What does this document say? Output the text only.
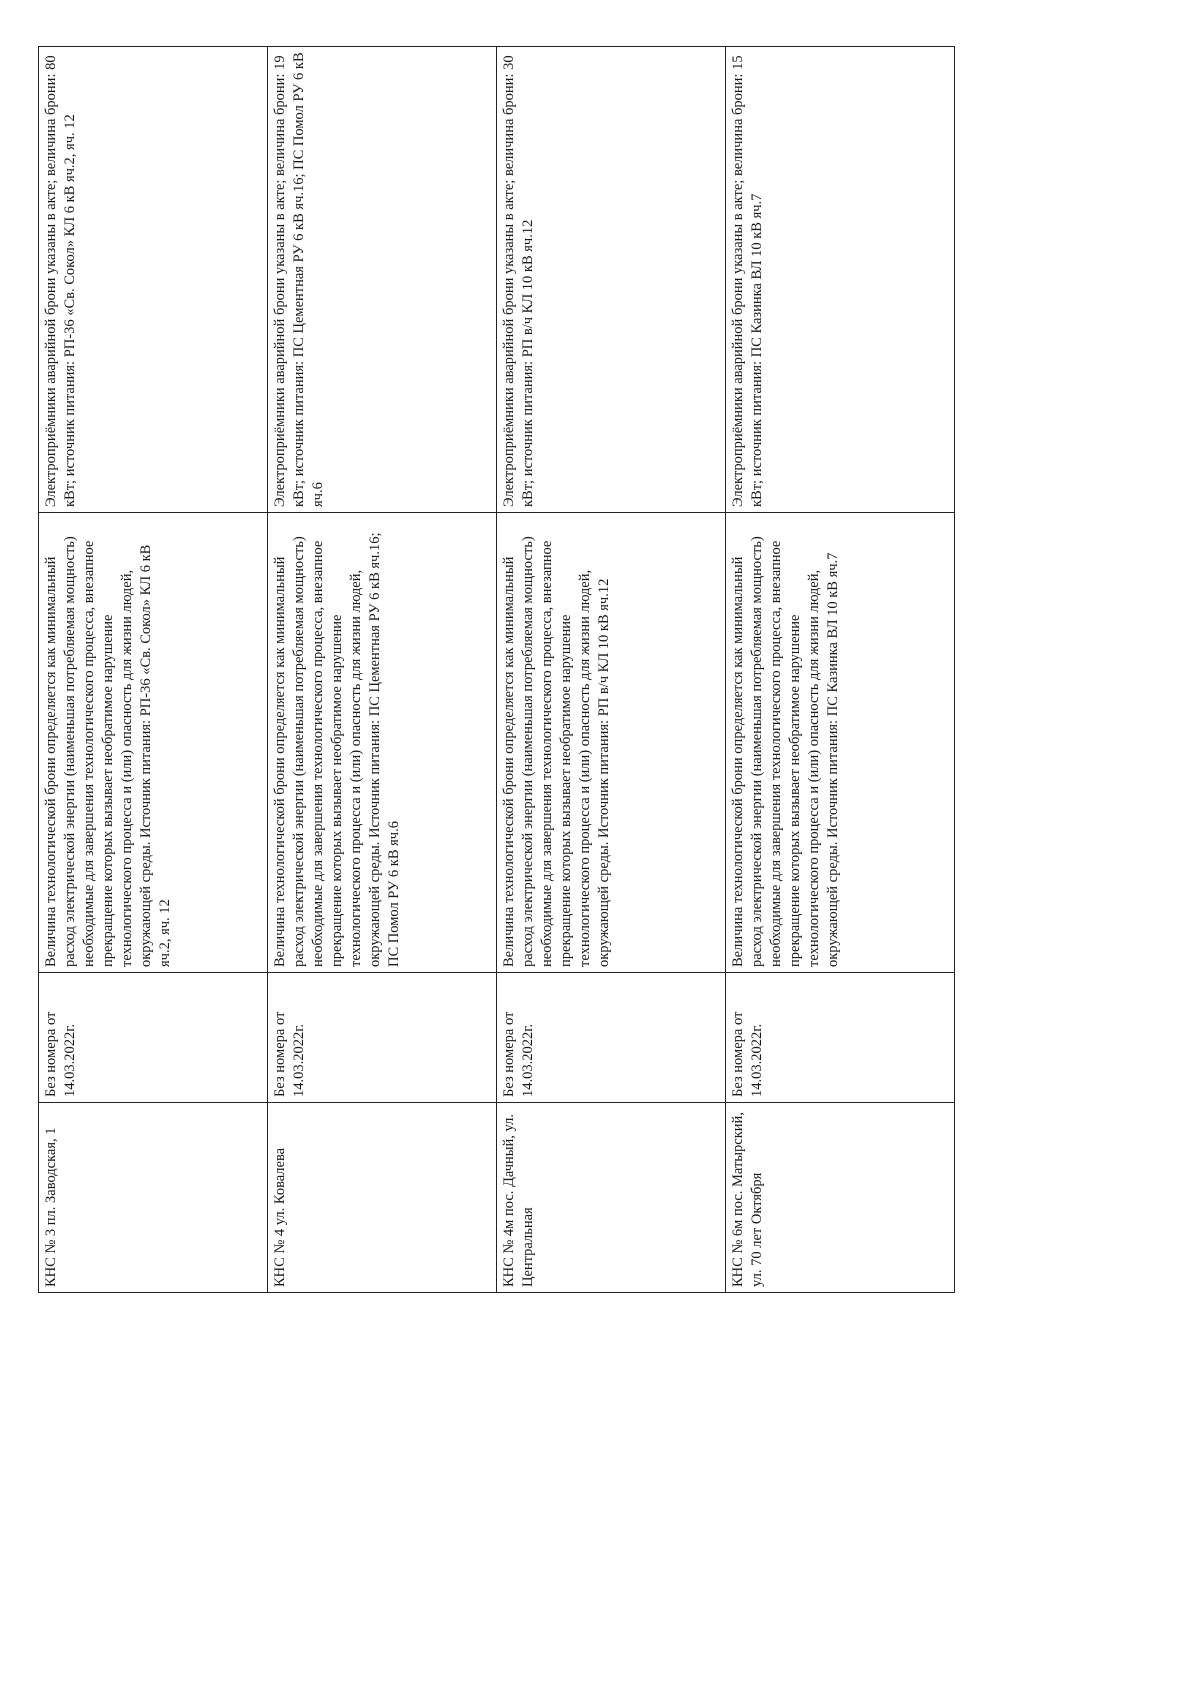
КНС № 3 пл. Заводская, 1	Без номера от 14.03.2022г.	Величина технологической брони определяется как минимальный расход электрической энергии (наименьшая потребляемая мощность) необходимые для завершения технологического процесса, внезапное прекращение которых вызывает необратимое нарушение технологического процесса и (или) опасность для жизни людей, окружающей среды. Источник питания: РП-36 «Св. Сокол» КЛ 6 кВ яч.2, яч. 12	Электроприёмники аварийной брони указаны в акте; величина брони: 80 кВт; источник питания: РП-36 «Св. Сокол» КЛ 6 кВ яч.2, яч. 12
КНС № 4 ул. Ковалева	Без номера от 14.03.2022г.	Величина технологической брони определяется как минимальный расход электрической энергии (наименьшая потребляемая мощность) необходимые для завершения технологического процесса, внезапное прекращение которых вызывает необратимое нарушение технологического процесса и (или) опасность для жизни людей, окружающей среды. Источник питания: ПС Цементная РУ 6 кВ яч.16; ПС Помол РУ 6 кВ яч.6	Электроприёмники аварийной брони указаны в акте; величина брони: 19 кВт; источник питания: ПС Цементная РУ 6 кВ яч.16; ПС Помол РУ 6 кВ яч.6
КНС № 4м пос. Дачный, ул. Центральная	Без номера от 14.03.2022г.	Величина технологической брони определяется как минимальный расход электрической энергии (наименьшая потребляемая мощность) необходимые для завершения технологического процесса, внезапное прекращение которых вызывает необратимое нарушение технологического процесса и (или) опасность для жизни людей, окружающей среды. Источник питания: РП в/ч КЛ 10 кВ яч.12	Электроприёмники аварийной брони указаны в акте; величина брони: 30 кВт; источник питания: РП в/ч КЛ 10 кВ яч.12
КНС № 6м пос. Матырский, ул. 70 лет Октября	Без номера от 14.03.2022г.	Величина технологической брони определяется как минимальный расход электрической энергии (наименьшая потребляемая мощность) необходимые для завершения технологического процесса, внезапное прекращение которых вызывает необратимое нарушение технологического процесса и (или) опасность для жизни людей, окружающей среды. Источник питания: ПС Казинка ВЛ 10 кВ яч.7	Электроприёмники аварийной брони указаны в акте; величина брони: 15 кВт; источник питания: ПС Казинка ВЛ 10 кВ яч.7
